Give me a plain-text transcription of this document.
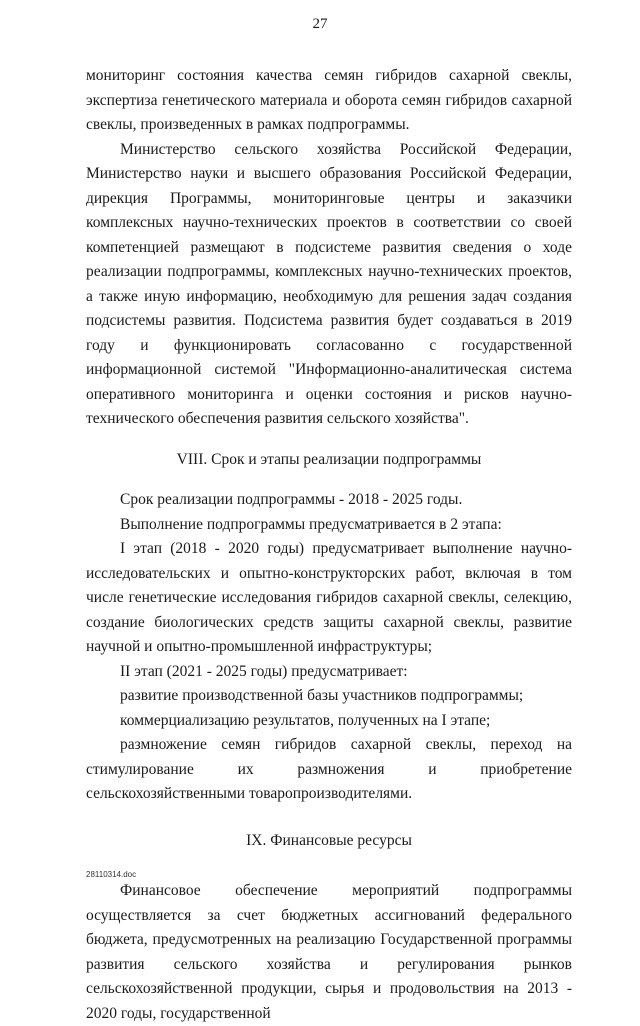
27

мониторинг состояния качества семян гибридов сахарной свеклы, экспертиза генетического материала и оборота семян гибридов сахарной свеклы, произведенных в рамках подпрограммы.

Министерство сельского хозяйства Российской Федерации, Министерство науки и высшего образования Российской Федерации, дирекция Программы, мониторинговые центры и заказчики комплексных научно-технических проектов в соответствии со своей компетенцией размещают в подсистеме развития сведения о ходе реализации подпрограммы, комплексных научно-технических проектов, а также иную информацию, необходимую для решения задач создания подсистемы развития. Подсистема развития будет создаваться в 2019 году и функционировать согласованно с государственной информационной системой "Информационно-аналитическая система оперативного мониторинга и оценки состояния и рисков научно-технического обеспечения развития сельского хозяйства".

VIII. Срок и этапы реализации подпрограммы

Срок реализации подпрограммы - 2018 - 2025 годы.

Выполнение подпрограммы предусматривается в 2 этапа:

I этап (2018 - 2020 годы) предусматривает выполнение научно-исследовательских и опытно-конструкторских работ, включая в том числе генетические исследования гибридов сахарной свеклы, селекцию, создание биологических средств защиты сахарной свеклы, развитие научной и опытно-промышленной инфраструктуры;

II этап (2021 - 2025 годы) предусматривает:

развитие производственной базы участников подпрограммы;

коммерциализацию результатов, полученных на I этапе;

размножение семян гибридов сахарной свеклы, переход на стимулирование их размножения и приобретение сельскохозяйственными товаропроизводителями.

IX. Финансовые ресурсы

Финансовое обеспечение мероприятий подпрограммы осуществляется за счет бюджетных ассигнований федерального бюджета, предусмотренных на реализацию Государственной программы развития сельского хозяйства и регулирования рынков сельскохозяйственной продукции, сырья и продовольствия на 2013 - 2020 годы, государственной

28110314.doc
